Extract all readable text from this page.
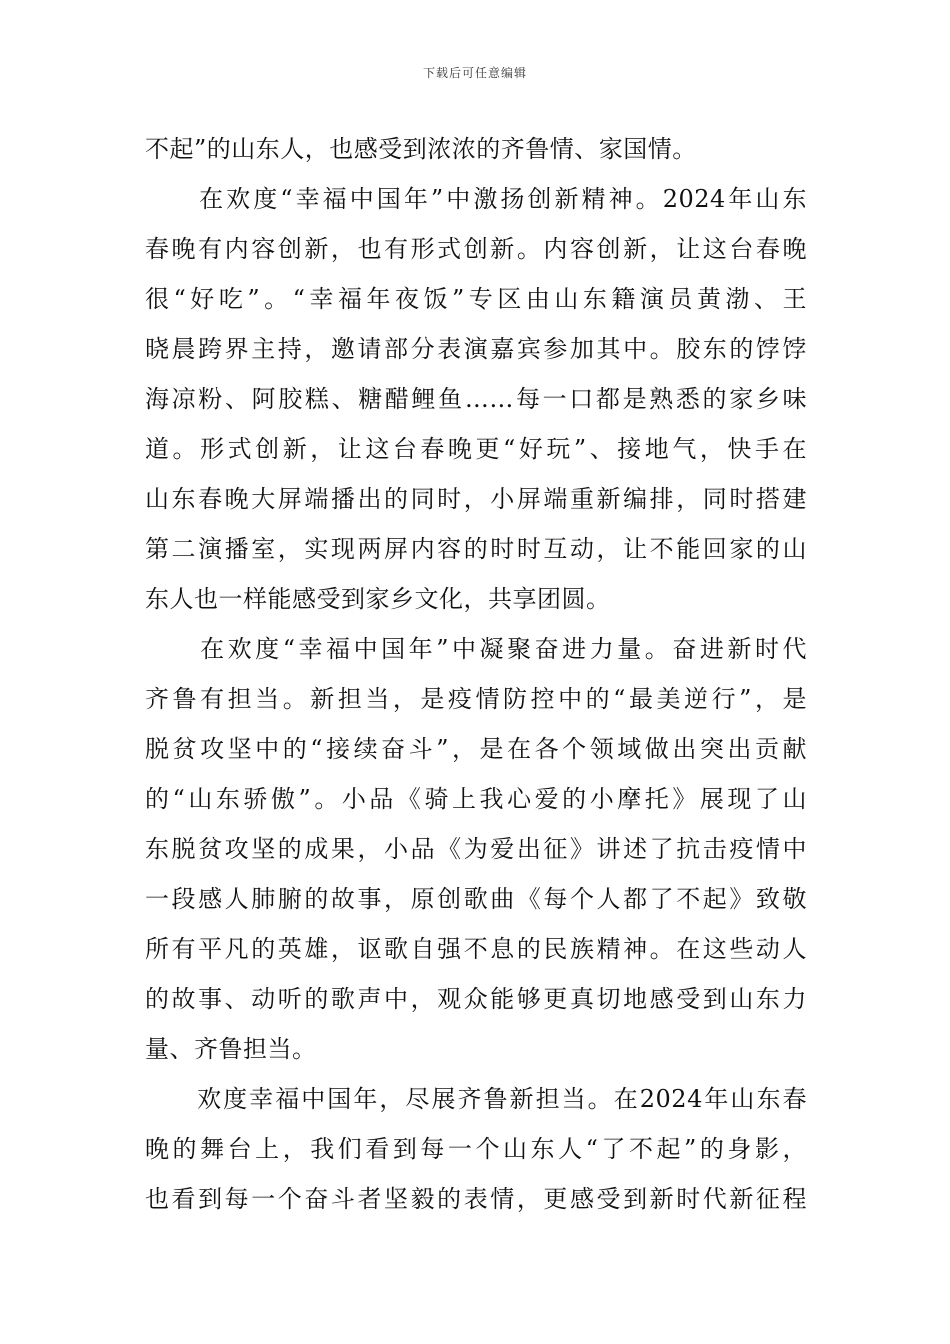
下载后可任意编辑
不起”的山东人，也感受到浓浓的齐鲁情、家国情。
　　在欢度“幸福中国年”中激扬创新精神。2024年山东
春晚有内容创新，也有形式创新。内容创新，让这台春晚
很“好吃”。“幸福年夜饭”专区由山东籍演员黄渤、王
晓晨跨界主持，邀请部分表演嘉宾参加其中。胶东的饽饽
海凉粉、阿胶糕、糖醋鲤鱼……每一口都是熟悉的家乡味
道。形式创新，让这台春晚更“好玩”、接地气，快手在
山东春晚大屏端播出的同时，小屏端重新编排，同时搭建
第二演播室，实现两屏内容的时时互动，让不能回家的山
东人也一样能感受到家乡文化，共享团圆。
　　在欢度“幸福中国年”中凝聚奋进力量。奋进新时代
齐鲁有担当。新担当，是疫情防控中的“最美逆行”，是
脱贫攻坚中的“接续奋斗”，是在各个领域做出突出贡献
的“山东骄傲”。小品《骑上我心爱的小摩托》展现了山
东脱贫攻坚的成果，小品《为爱出征》讲述了抗击疫情中
一段感人肺腑的故事，原创歌曲《每个人都了不起》致敬
所有平凡的英雄，讴歌自强不息的民族精神。在这些动人
的故事、动听的歌声中，观众能够更真切地感受到山东力
量、齐鲁担当。
　　欢度幸福中国年，尽展齐鲁新担当。在2024年山东春
晚的舞台上，我们看到每一个山东人“了不起”的身影，
也看到每一个奋斗者坚毅的表情，更感受到新时代新征程
